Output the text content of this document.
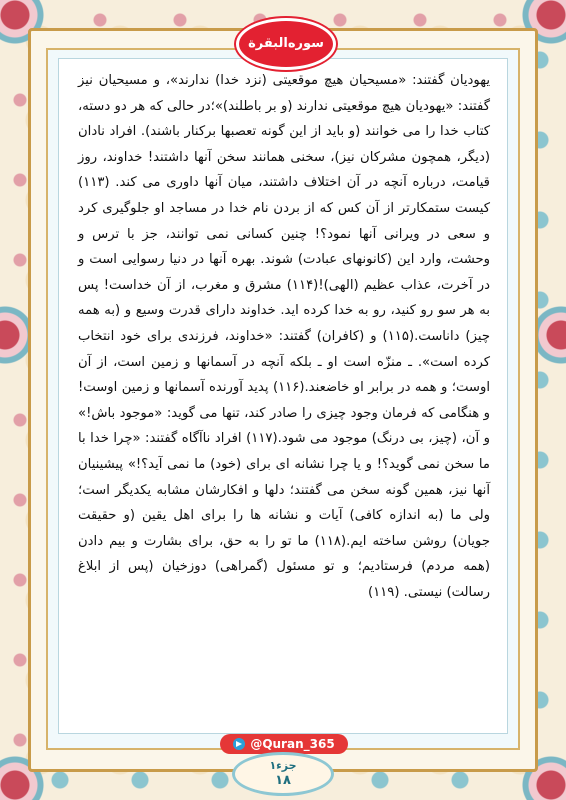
سوره‌البقرة
یهودیان گفتند: «مسیحیان هیچ موقعیتی (نزد خدا) ندارند»، و مسیحیان نیز گفتند: «یهودیان هیچ موقعیتی ندارند (و بر باطلند)»؛در حالی که هر دو دسته، کتاب خدا را می خوانند (و باید از این گونه تعصبها برکنار باشند). افراد نادان (دیگر، همچون مشرکان نیز)، سخنی همانند سخن آنها داشتند! خداوند، روز قیامت، درباره آنچه در آن اختلاف داشتند، میان آنها داوری می کند. (۱۱۳) کیست ستمکارتر از آن کس که از بردن نام خدا در مساجد او جلوگیری کرد و سعی در ویرانی آنها نمود؟! چنین کسانی نمی توانند، جز با ترس و وحشت، وارد این (کانونهای عبادت) شوند. بهره آنها در دنیا رسوایی است و در آخرت، عذاب عظیم (الهی)!(۱۱۴) مشرق و مغرب، از آن خداست! پس به هر سو رو کنید، رو به خدا کرده اید. خداوند دارای قدرت وسیع و (به همه چیز) داناست.(۱۱۵) و (کافران) گفتند: «خداوند، فرزندی برای خود انتخاب کرده است». ـ منزّه است او ـ بلکه آنچه در آسمانها و زمین است، از آن اوست؛ و همه در برابر او خاضعند.(۱۱۶) پدید آورنده آسمانها و زمین اوست! و هنگامی که فرمان وجود چیزی را صادر کند، تنها می گوید: «موجود باش!» و آن، (چیز، بی درنگ) موجود می شود.(۱۱۷) افراد ناآگاه گفتند: «چرا خدا با ما سخن نمی گوید؟! و یا چرا نشانه ای برای (خود) ما نمی آید؟!» پیشینیان آنها نیز، همین گونه سخن می گفتند؛ دلها و افکارشان مشابه یکدیگر است؛ ولی ما (به اندازه کافی) آیات و نشانه ها را برای اهل یقین (و حقیقت جویان) روشن ساخته ایم.(۱۱۸) ما تو را به حق، برای بشارت و بیم دادن (همه مردم) فرستادیم؛ و تو مسئول (گمراهی) دوزخیان (پس از ابلاغ رسالت) نیستی. (۱۱۹)
@Quran_365
جزء۱
۱۸
